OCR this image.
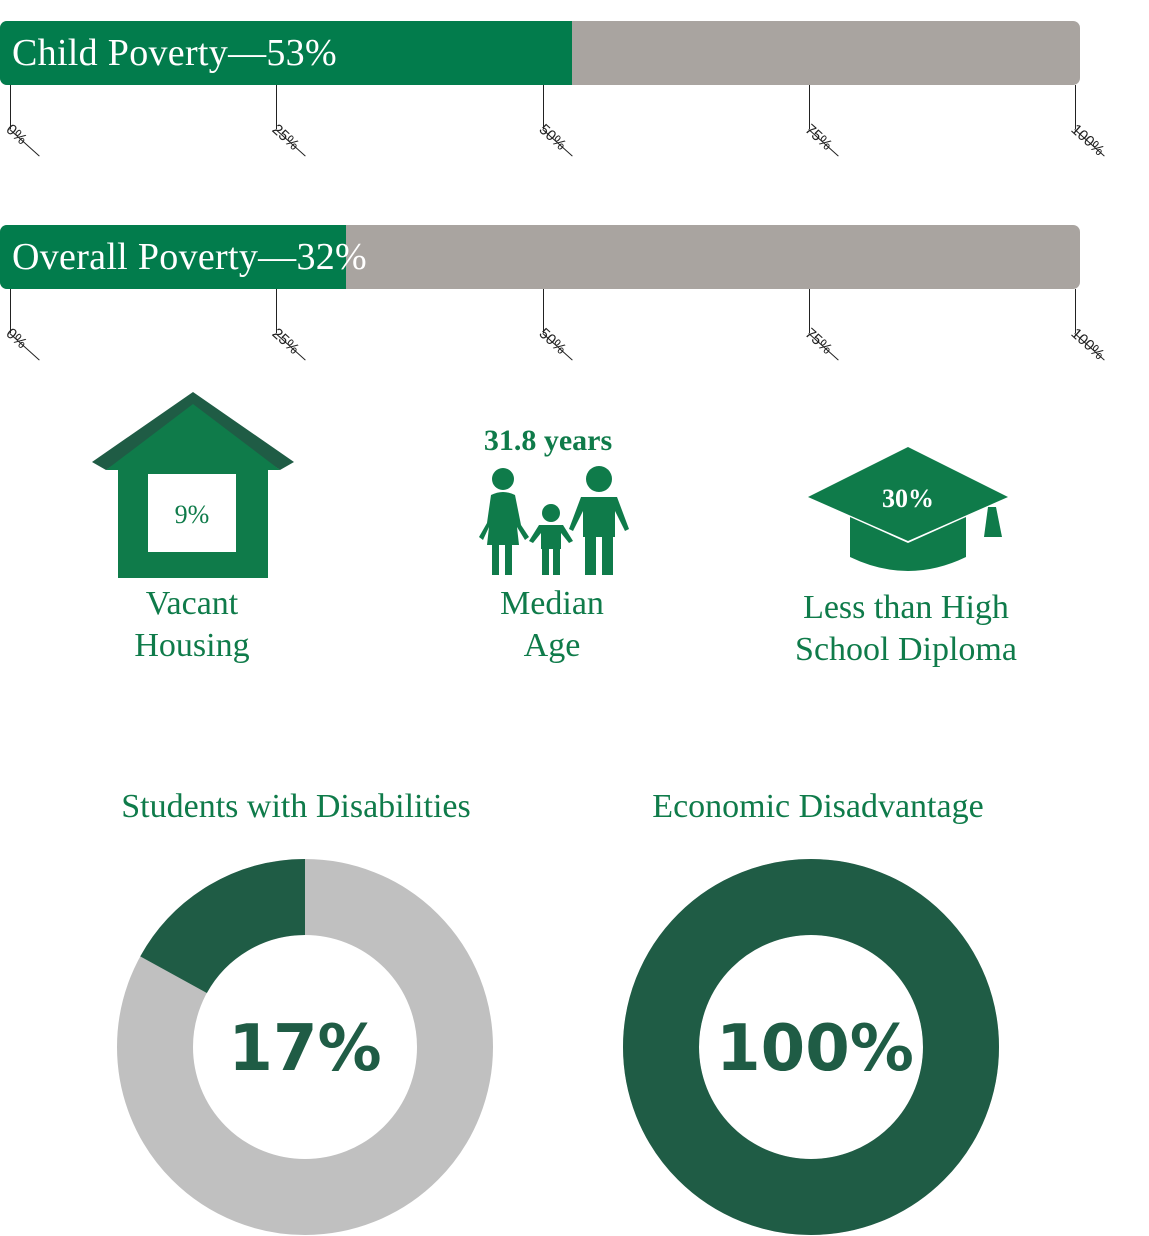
Child Poverty—53%
0%	25%	50%	75%	100%
Overall Poverty—32%
0%	25%	50%	75%	100%
9%
Vacant
Housing
31.8 years
Median
Age
30%
Less than High
School Diploma
Students with Disabilities
17%
Economic Disadvantage
100%
